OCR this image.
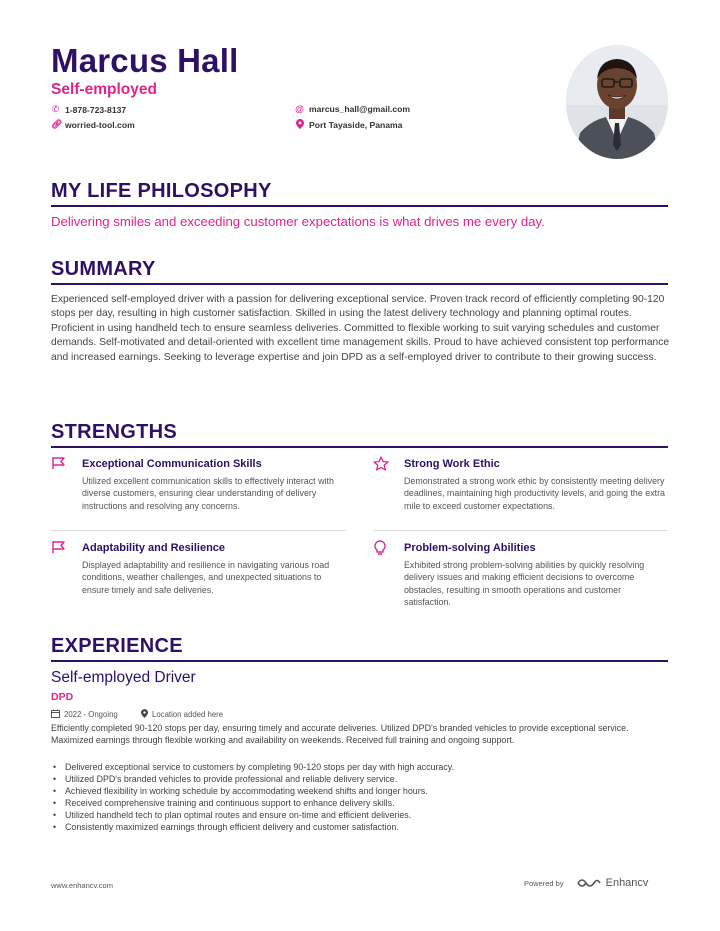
Marcus Hall
Self-employed
✆ 1-878-723-8137
🔗︎ worried-tool.com
@ marcus_hall@gmail.com
Port Tayaside, Panama
MY LIFE PHILOSOPHY
Delivering smiles and exceeding customer expectations is what drives me every day.
SUMMARY
Experienced self-employed driver with a passion for delivering exceptional service. Proven track record of efficiently completing 90-120 stops per day, resulting in high customer satisfaction. Skilled in using the latest delivery technology and planning optimal routes. Proficient in using handheld tech to ensure seamless deliveries. Committed to flexible working to suit varying schedules and customer demands. Self-motivated and detail-oriented with excellent time management skills. Proud to have achieved consistent top performance and increased earnings. Seeking to leverage expertise and join DPD as a self-employed driver to contribute to their growing success.
STRENGTHS
Exceptional Communication Skills
Utilized excellent communication skills to effectively interact with diverse customers, ensuring clear understanding of delivery instructions and resolving any concerns.
Strong Work Ethic
Demonstrated a strong work ethic by consistently meeting delivery deadlines, maintaining high productivity levels, and going the extra mile to exceed customer expectations.
Adaptability and Resilience
Displayed adaptability and resilience in navigating various road conditions, weather challenges, and unexpected situations to ensure timely and safe deliveries.
Problem-solving Abilities
Exhibited strong problem-solving abilities by quickly resolving delivery issues and making efficient decisions to overcome obstacles, resulting in smooth operations and customer satisfaction.
EXPERIENCE
Self-employed Driver
DPD
2022 - Ongoing	Location added here
Efficiently completed 90-120 stops per day, ensuring timely and accurate deliveries. Utilized DPD's branded vehicles to provide exceptional service. Maximized earnings through flexible working and availability on weekends. Received full training and ongoing support.
• Delivered exceptional service to customers by completing 90-120 stops per day with high accuracy.
• Utilized DPD's branded vehicles to provide professional and reliable delivery service.
• Achieved flexibility in working schedule by accommodating weekend shifts and longer hours.
• Received comprehensive training and continuous support to enhance delivery skills.
• Utilized handheld tech to plan optimal routes and ensure on-time and efficient deliveries.
• Consistently maximized earnings through efficient delivery and customer satisfaction.
www.enhancv.com	Powered by	Enhancv
